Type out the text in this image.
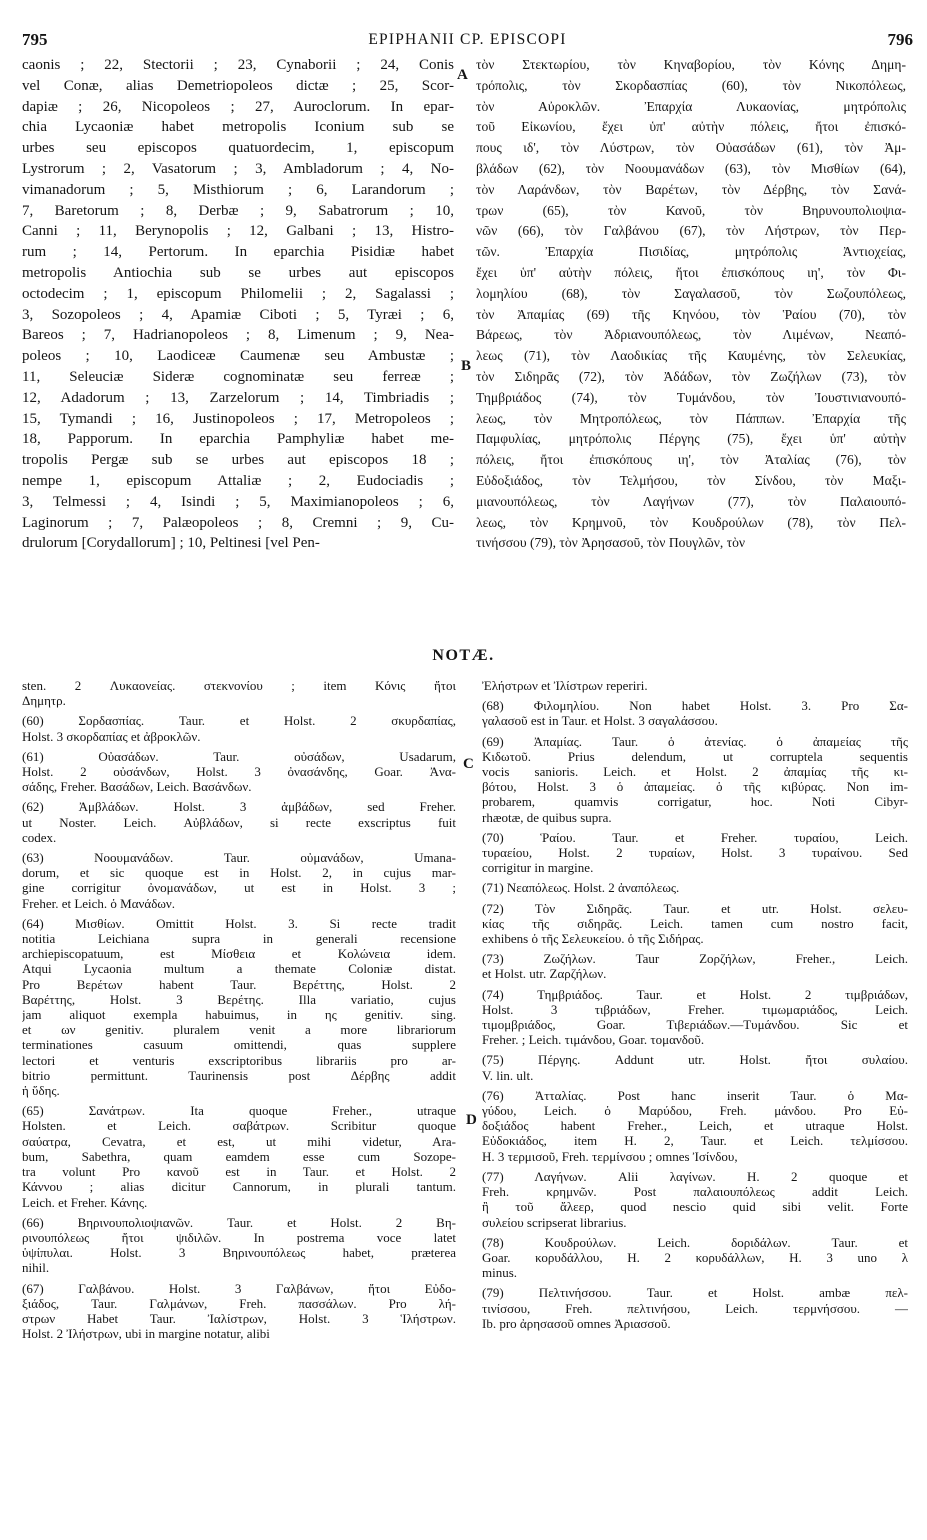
795	EPIPHANII CP. EPISCOPI	796
caonis ; 22, Stectorii ; 23, Cynaborii ; 24, Conis
vel Conæ, alias Demetriopoleos dictæ ; 25, Scor-
dapiæ ; 26, Nicopoleos ; 27, Auroclorum. In epar-
chia Lycaoniæ habet metropolis Iconium sub se
urbes seu episcopos quatuordecim, 1, episcopum
Lystrorum ; 2, Vasatorum ; 3, Ambladorum ; 4, No-
vimanadorum ; 5, Misthiorum ; 6, Larandorum ;
7, Baretorum ; 8, Derbæ ; 9, Sabatrorum ; 10,
Canni ; 11, Berynopolis ; 12, Galbani ; 13, Histro-
rum ; 14, Pertorum. In eparchia Pisidiæ habet
metropolis Antiochia sub se urbes aut episcopos
octodecim ; 1, episcopum Philomelii ; 2, Sagalassi ;
3, Sozopoleos ; 4, Apamiæ Ciboti ; 5, Tyræi ; 6,
Bareos ; 7, Hadrianopoleos ; 8, Limenum ; 9, Nea-
poleos ; 10, Laodiceæ Caumenæ seu Ambustæ ;
11, Seleuciæ Sideræ cognominatæ seu ferreæ ;
12, Adadorum ; 13, Zarzelorum ; 14, Timbriadis ;
15, Tymandi ; 16, Justinopoleos ; 17, Metropoleos ;
18, Papporum. In eparchia Pamphyliæ habet me-
tropolis Pergæ sub se urbes aut episcopos 18 ;
nempe 1, episcopum Attaliæ ; 2, Eudociadis ;
3, Telmessi ; 4, Isindi ; 5, Maximianopoleos ; 6,
Laginorum ; 7, Palæopoleos ; 8, Cremni ; 9, Cu-
drulorum [Corydallorum] ; 10, Peltinesi [vel Pen-
τὸν Στεκτωρίου, τὸν Κηναβορίου, τὸν Κόνης Δημη-
τρόπολις, τὸν Σκορδασπίας (60), τὸν Νικοπόλεως,
τὸν Αὐροκλῶν. Ἐπαρχία Λυκαονίας, μητρόπολις
τοῦ Εἰκωνίου, ἔχει ὑπ' αὐτὴν πόλεις, ἤτοι ἐπισκό-
πους ιδ', τὸν Λύστρων, τὸν Οὐασάδων (61), τὸν Ἀμ-
βλάδων (62), τὸν Νοουμανάδων (63), τὸν Μισθίων (64),
τὸν Λαράνδων, τὸν Βαρέτων, τὸν Δέρβης, τὸν Σανά-
τρων (65), τὸν Κανοῦ, τὸν Βηρυνουπολιοψια-
νῶν (66), τὸν Γαλβάνου (67), τὸν Λήστρων, τὸν Περ-
τῶν. Ἐπαρχία Πισιδίας, μητρόπολις Ἀντιοχείας,
ἔχει ὑπ' αὐτὴν πόλεις, ἤτοι ἐπισκόπους ιη', τὸν Φι-
λομηλίου (68), τὸν Σαγαλασοῦ, τὸν Σωζουπόλεως,
τὸν Ἀπαμίας (69) τῆς Κηνόου, τὸν Ῥαίου (70), τὸν
Βάρεως, τὸν Ἀδριανουπόλεως, τὸν Λιμένων, Νεαπό-
λεως (71), τὸν Λαοδικίας τῆς Καυμένης, τὸν Σελευκίας,
τὸν Σιδηρᾶς (72), τὸν Ἀδάδων, τὸν Ζωζήλων (73), τὸν
Τημβριάδος (74), τὸν Τυμάνδου, τὸν Ἰουστινιανουπό-
λεως, τὸν Μητροπόλεως, τὸν Πάππων. Ἐπαρχία τῆς
Παμφυλίας, μητρόπολις Πέργης (75), ἔχει ὑπ' αὐτὴν
πόλεις, ἤτοι ἐπισκόπους ιη', τὸν Ἀταλίας (76), τὸν
Εὐδοξιάδος, τὸν Τελμήσου, τὸν Σίνδου, τὸν Μαξι-
μιανουπόλεως, τὸν Λαγήνων (77), τὸν Παλαιουπό-
λεως, τὸν Κρημνοῦ, τὸν Κουδρούλων (78), τὸν Πελ-
τινήσσου (79), τὸν Ἀρησασοῦ, τὸν Πουγλῶν, τὸν
A
B
C
D
NOTÆ.
sten. 2 Λυκαονείας. στεκνονίου ; item Κόνις ἤτοι
Δημητρ.
(60) Σορδασπίας. Taur. et Holst. 2 σκυρδαπίας,
Holst. 3 σκορδαπίας et ἀβροκλῶν.
(61) Οὐασάδων. Taur. οὐσάδων, Usadarum,
Holst. 2 οὐσάνδων, Holst. 3 ὀνασάνδης, Goar. Ἀνα-
σάδης, Freher. Βασάδων, Leich. Βασάνδων.
(62) Ἀμβλάδων. Holst. 3 ἀμβάδων, sed Freher.
ut Noster. Leich. Αὐβλάδων, si recte exscriptus fuit
codex.
(63) Νοουμανάδων. Taur. οὐμανάδων, Umana-
dorum, et sic quoque est in Holst. 2, in cujus mar-
gine corrigitur ὀνομανάδων, ut est in Holst. 3 ;
Freher. et Leich. ὁ Μανάδων.
(64) Μισθίων. Omittit Holst. 3. Si recte tradit
notitia Leichiana supra in generali recensione
archiepiscopatuum, est Μίσθεια et Κολώνεια idem.
Atqui Lycaonia multum a themate Coloniæ distat.
Pro Βερέτων habent Taur. Βερέττης, Holst. 2
Βαρέττης, Holst. 3 Βερέτης. Illa variatio, cujus
jam aliquot exempla habuimus, in ης genitiv. sing.
et ων genitiv. pluralem venit a more librariorum
terminationes casuum omittendi, quas supplere
lectori et venturis exscriptoribus librariis pro ar-
bitrio permittunt. Taurinensis post Δέρβης addit
ἡ ὕδης.
(65) Σανάτρων. Ita quoque Freher., utraque
Holsten. et Leich. σαβάτρων. Scribitur quoque
σαύατρα, Cevatra, et est, ut mihi videtur, Ara-
bum, Sabethra, quam eamdem esse cum Sozope-
tra volunt Pro κανοῦ est in Taur. et Holst. 2
Κάννου ; alias dicitur Cannorum, in plurali tantum.
Leich. et Freher. Κάνης.
(66) Βηρινουπολιοψιανῶν. Taur. et Holst. 2 Βη-
ρινουπόλεως ἤτοι ψιδιλῶν. In postrema voce latet
ὑψίπυλαι. Holst. 3 Βηρινουπόλεως habet, præterea
nihil.
(67) Γαλβάνου. Holst. 3 Γαλβάνων, ἤτοι Εὐδο-
ξιάδος, Taur. Γαλμάνων, Freh. πασσάλων. Pro λή-
στρων Habet Taur. Ἰαλίστρων, Holst. 3 Ἱλήστρων.
Holst. 2 Ἰλήστρων, ubi in margine notatur, alibi
Ἐλήστρων et Ἰλίστρων reperiri.
(68) Φιλομηλίου. Non habet Holst. 3. Pro Σα-
γαλασοῦ est in Taur. et Holst. 3 σαγαλάσσου.
(69) Ἀπαμίας. Taur. ὁ ἀτενίας. ὁ ἀπαμείας τῆς
Κιδωτοῦ. Prius delendum, ut corruptela sequentis
vocis sanioris. Leich. et Holst. 2 ἀπαμίας τῆς κι-
βότου, Holst. 3 ὁ ἀπαμείας. ὁ τῆς κιβύρας. Non im-
probarem, quamvis corrigatur, hoc. Noti Cibyr-
rhæotæ, de quibus supra.
(70) Ῥαίου. Taur. et Freher. τυραίου, Leich.
τυραείου, Holst. 2 τυραίων, Holst. 3 τυραίνου. Sed
corrigitur in margine.
(71) Νεαπόλεως. Holst. 2 ἀναπόλεως.
(72) Τὸν Σιδηρᾶς. Taur. et utr. Holst. σελευ-
κίας τῆς σιδηρᾶς. Leich. tamen cum nostro facit,
exhibens ὁ τῆς Σελευκείου. ὁ τῆς Σιδήρας.
(73) Ζωζήλων. Taur Ζορζήλων, Freher., Leich.
et Holst. utr. Ζαρζήλων.
(74) Τημβριάδος. Taur. et Holst. 2 τιμβριάδων,
Holst. 3 τιβριάδων, Freher. τιμωμαριάδος, Leich.
τιμομβριάδος, Goar. Τιβεριάδων.—Τυμάνδου. Sic et
Freher. ; Leich. τιμάνδου, Goar. τομανδοῦ.
(75) Πέργης. Addunt utr. Holst. ἤτοι συλαίου.
V. lin. ult.
(76) Ἀτταλίας. Post hanc inserit Taur. ὁ Μα-
γύδου, Leich. ὁ Μαρύδου, Freh. μάνδου. Pro Εὐ-
δοξιάδος habent Freher., Leich, et utraque Holst.
Εὐδοκιάδος, item H. 2, Taur. et Leich. τελμίσσου.
H. 3 τερμισοῦ, Freh. τερμίνσου ; omnes Ἰσίνδου,
(77) Λαγήνων. Alii λαγίνων. H. 2 quoque et
Freh. κρημνῶν. Post παλαιουπόλεως addit Leich.
ἢ τοῦ ἄλεερ, quod nescio quid sibi velit. Forte
συλείου scripserat librarius.
(78) Κουδρούλων. Leich. δοριδάλων. Taur. et
Goar. κορυδάλλου, H. 2 κορυδάλλων, H. 3 uno λ
minus.
(79) Πελτινήσσου. Taur. et Holst. ambæ πελ-
τινίσσου, Freh. πελτινήσου, Leich. τερμνήσσου. —
Ib. pro ἀρησασοῦ omnes Ἀριασσοῦ.
